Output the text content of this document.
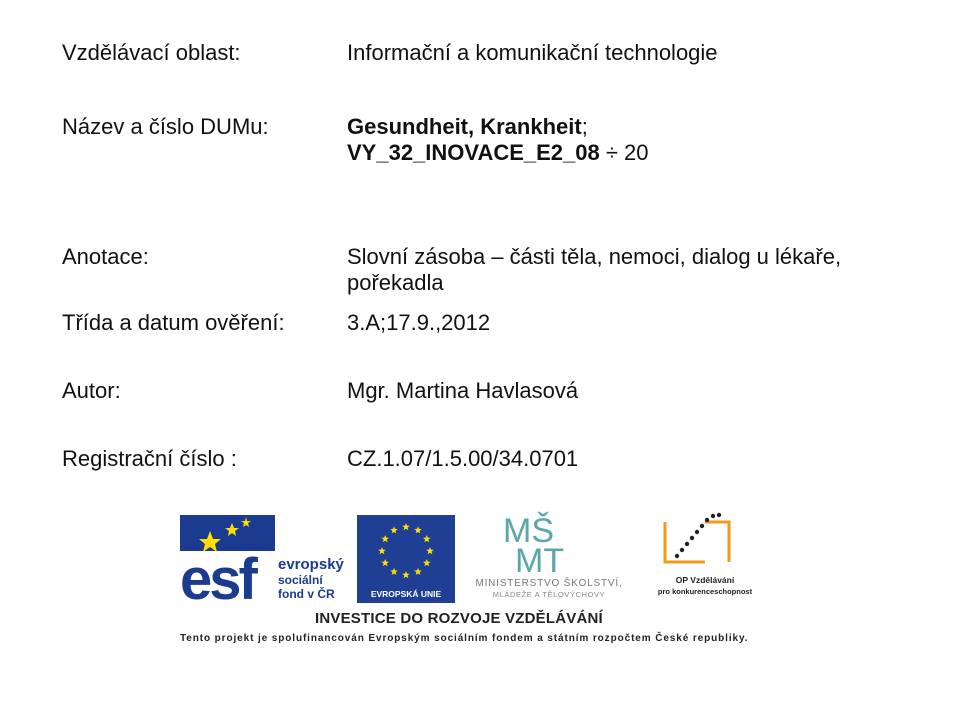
Vzdělávací oblast:	Informační a komunikační technologie
Název a číslo DUMu:	Gesundheit, Krankheit;
VY_32_INOVACE_E2_08 ÷ 20
Anotace:	Slovní zásoba – části těla, nemoci, dialog u lékaře, pořekadla
Třída a datum ověření:	3.A;17.9.,2012
Autor:	Mgr. Martina Havlasová
Registrační číslo :	CZ.1.07/1.5.00/34.0701
esf evropský
sociální
fond v ČR	EVROPSKÁ UNIE
MŠ
MT
MINISTERSTVO ŠKOLSTVÍ,
MLÁDEŽE A TĚLOVÝCHOVY
OP Vzdělávání
pro konkurenceschopnost
INVESTICE DO ROZVOJE VZDĚLÁVÁNÍ
Tento projekt je spolufinancován Evropským sociálním fondem a státním rozpočtem České republiky.
